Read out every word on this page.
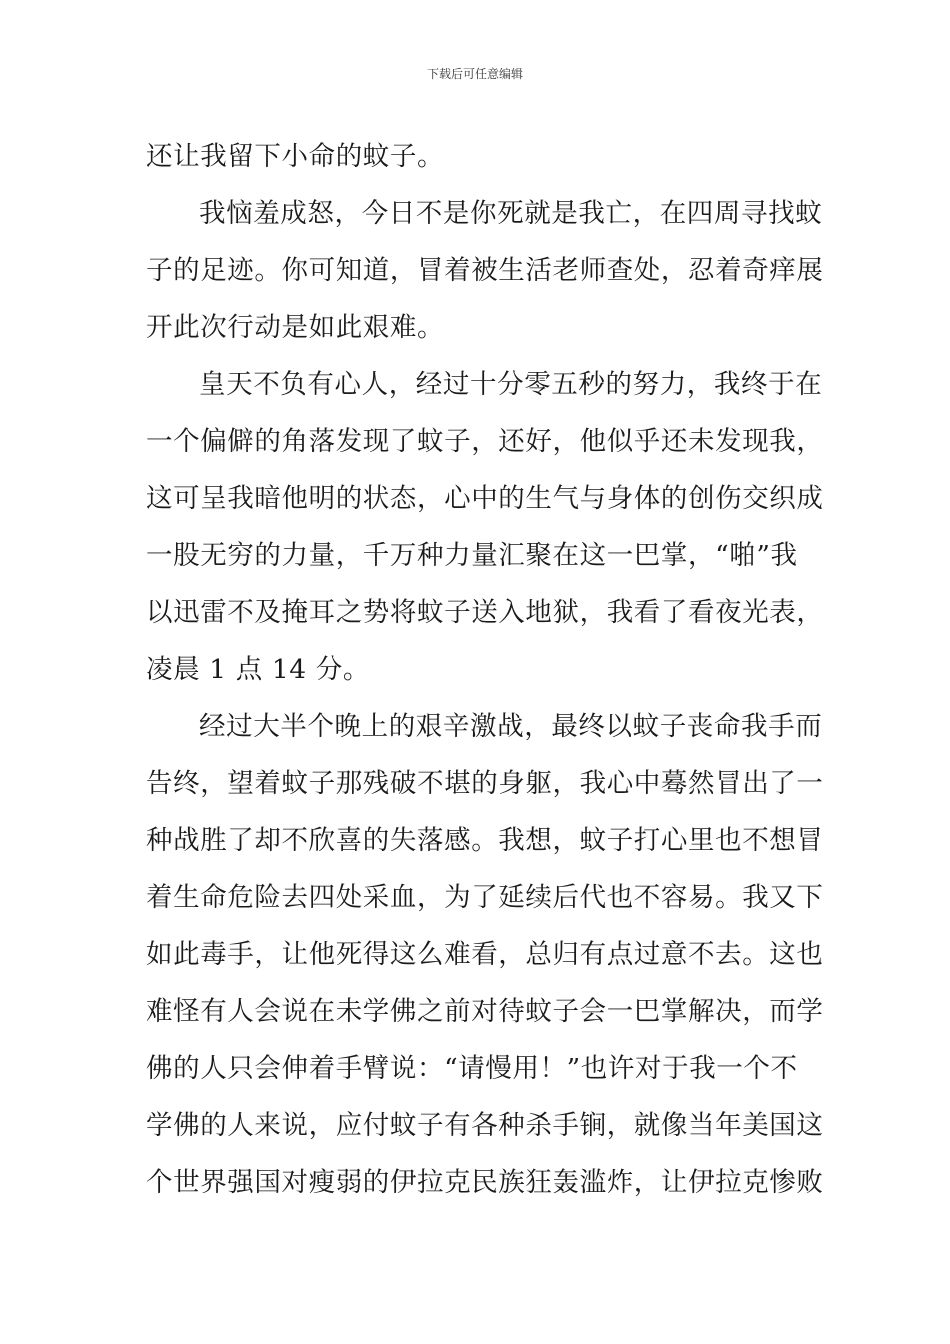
下载后可任意编辑
还让我留下小命的蚊子。
我恼羞成怒，今日不是你死就是我亡，在四周寻找蚊
子的足迹。你可知道，冒着被生活老师查处，忍着奇痒展
开此次行动是如此艰难。
皇天不负有心人，经过十分零五秒的努力，我终于在
一个偏僻的角落发现了蚊子，还好，他似乎还未发现我，
这可呈我暗他明的状态，心中的生气与身体的创伤交织成
一股无穷的力量，千万种力量汇聚在这一巴掌，“啪”我
以迅雷不及掩耳之势将蚊子送入地狱，我看了看夜光表，
凌晨 1 点 14 分。
经过大半个晚上的艰辛激战，最终以蚊子丧命我手而
告终，望着蚊子那残破不堪的身躯，我心中蓦然冒出了一
种战胜了却不欣喜的失落感。我想，蚊子打心里也不想冒
着生命危险去四处采血，为了延续后代也不容易。我又下
如此毒手，让他死得这么难看，总归有点过意不去。这也
难怪有人会说在未学佛之前对待蚊子会一巴掌解决，而学
佛的人只会伸着手臂说：“请慢用！”也许对于我一个不
学佛的人来说，应付蚊子有各种杀手锏，就像当年美国这
个世界强国对瘦弱的伊拉克民族狂轰滥炸，让伊拉克惨败
